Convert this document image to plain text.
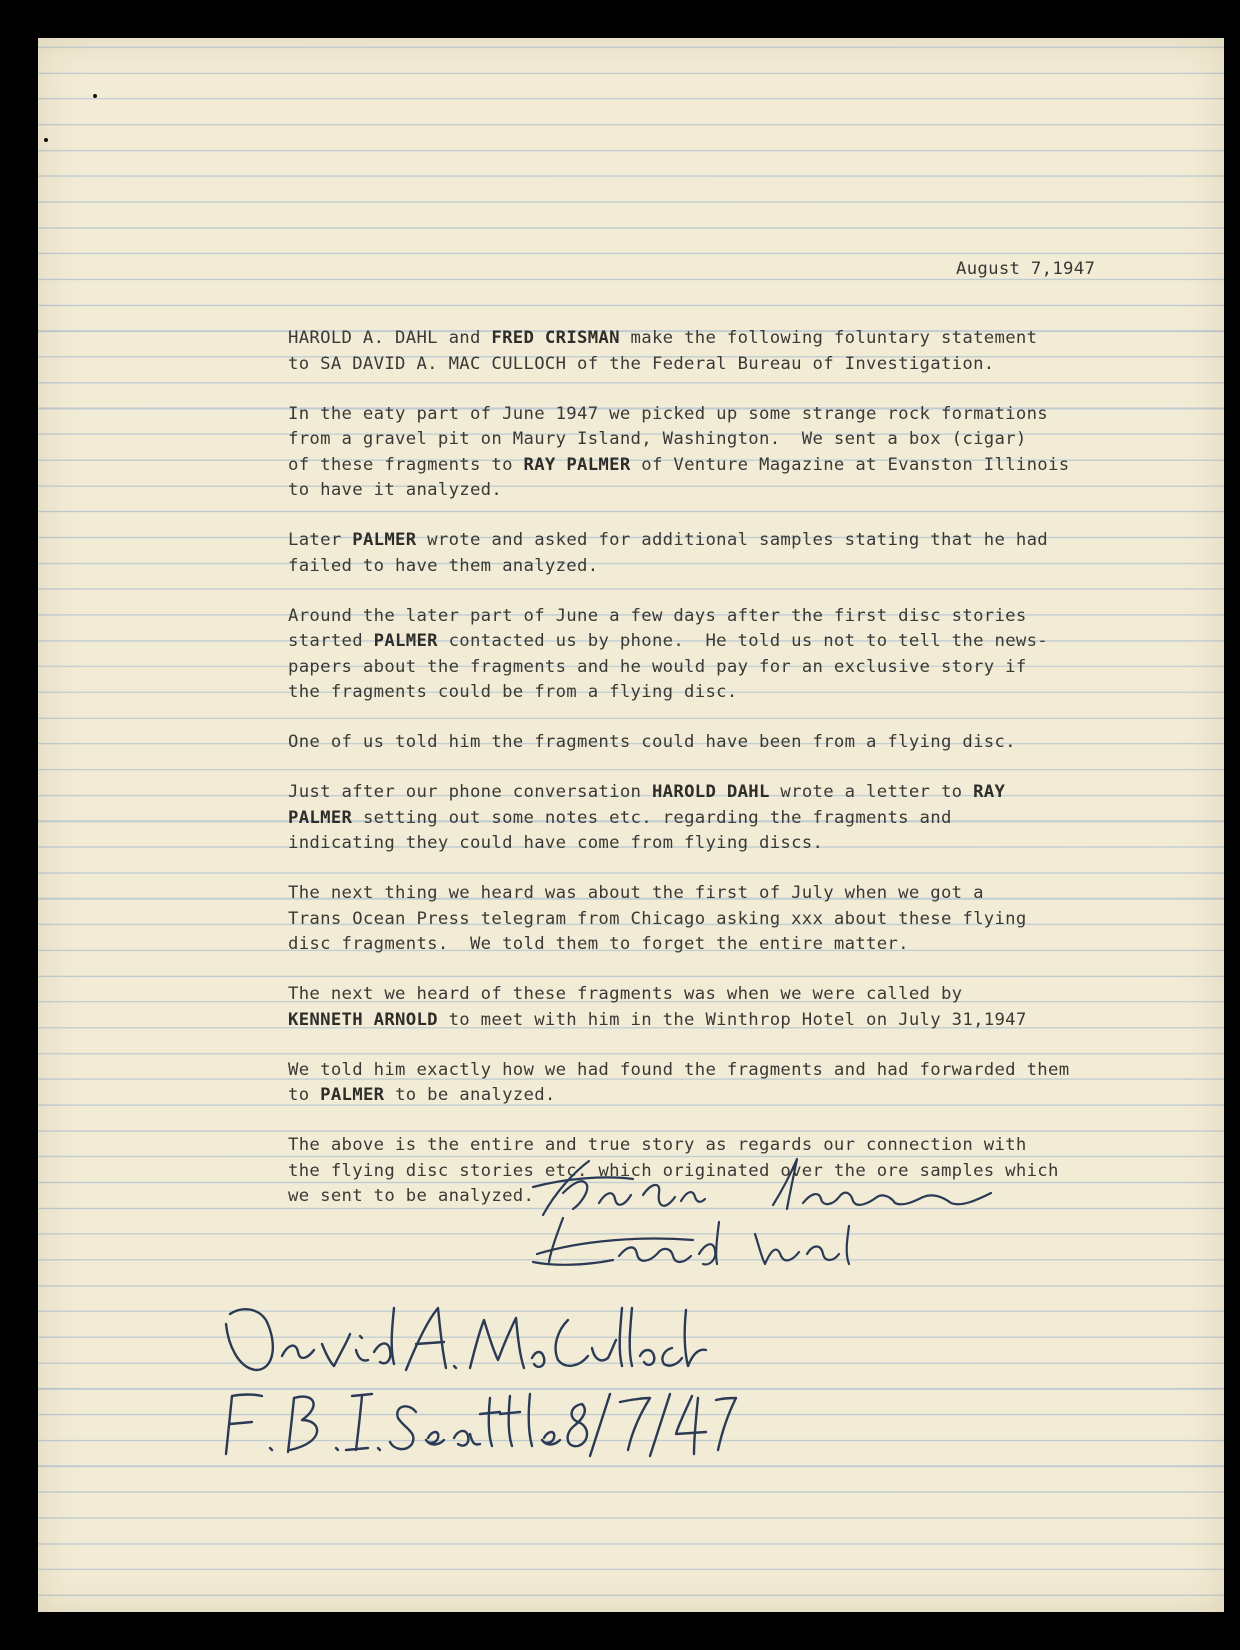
August 7,1947
HAROLD A. DAHL and FRED CRISMAN make the following foluntary statement
to SA DAVID A. MAC CULLOCH of the Federal Bureau of Investigation.
In the eaty part of June 1947 we picked up some strange rock formations
from a gravel pit on Maury Island, Washington.  We sent a box (cigar)
of these fragments to RAY PALMER of Venture Magazine at Evanston Illinois
to have it analyzed.
Later PALMER wrote and asked for additional samples stating that he had
failed to have them analyzed.
Around the later part of June a few days after the first disc stories
started PALMER contacted us by phone.  He told us not to tell the news-
papers about the fragments and he would pay for an exclusive story if
the fragments could be from a flying disc.
One of us told him the fragments could have been from a flying disc.
Just after our phone conversation HAROLD DAHL wrote a letter to RAY
PALMER setting out some notes etc. regarding the fragments and
indicating they could have come from flying discs.
The next thing we heard was about the first of July when we got a
Trans Ocean Press telegram from Chicago asking xxx about these flying
disc fragments.  We told them to forget the entire matter.
The next we heard of these fragments was when we were called by
KENNETH ARNOLD to meet with him in the Winthrop Hotel on July 31,1947
We told him exactly how we had found the fragments and had forwarded them
to PALMER to be analyzed.
The above is the entire and true story as regards our connection with
the flying disc stories etc. which originated over the ore samples which
we sent to be analyzed.
